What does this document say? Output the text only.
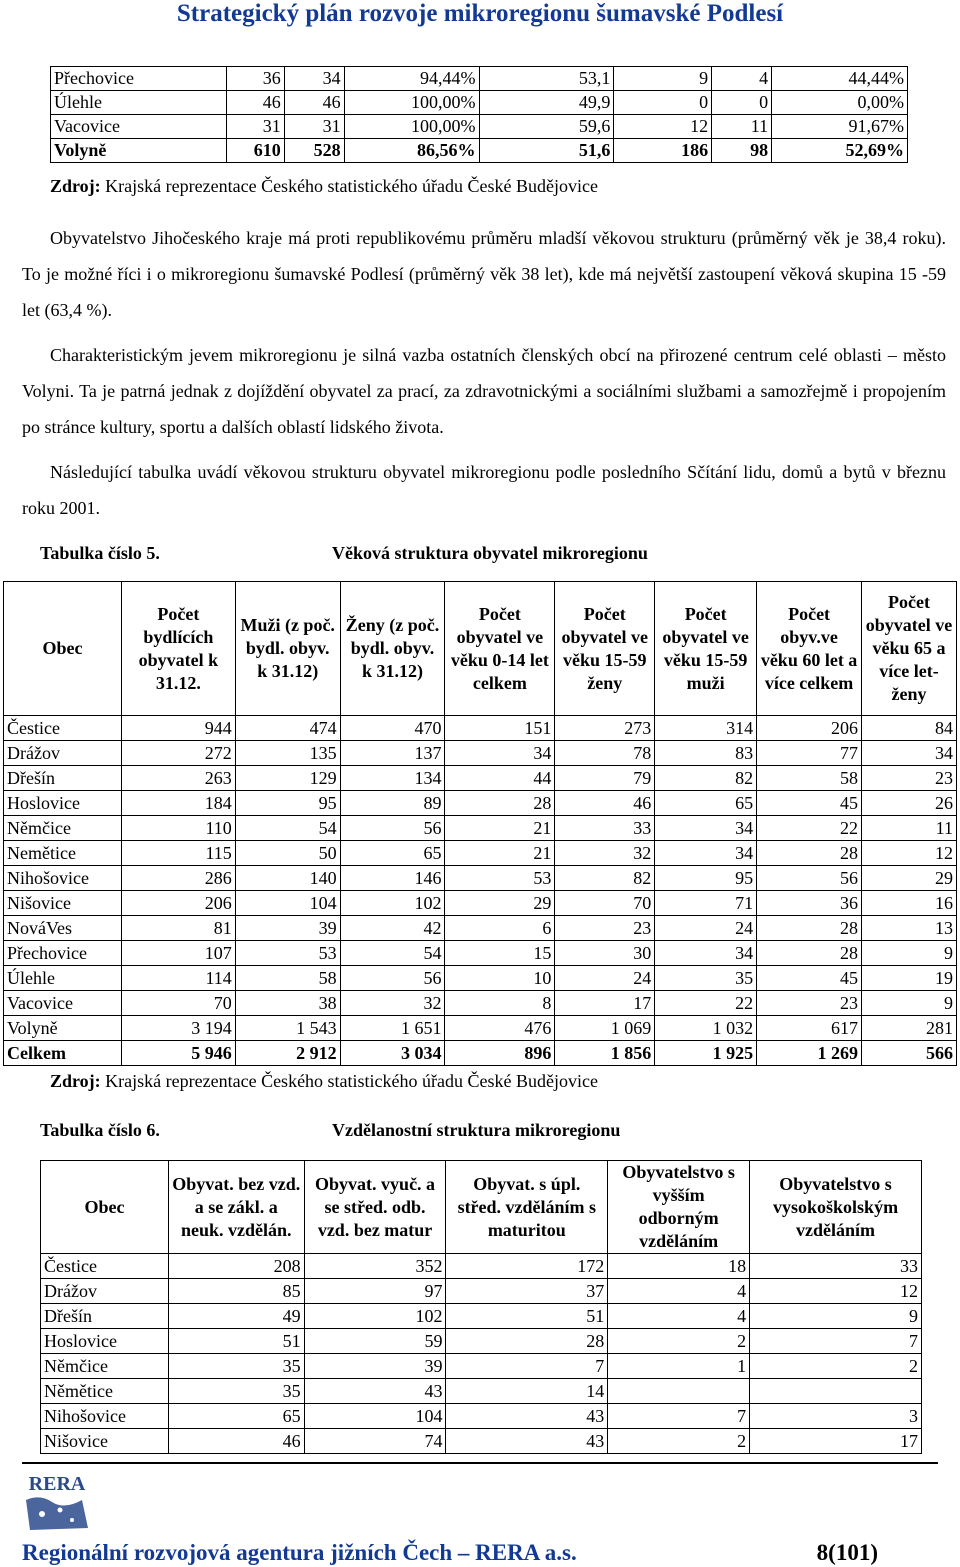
Strategický plán rozvoje mikroregionu šumavské Podlesí
Přechovice	36	34	94,44%	53,1	9	4	44,44%
Úlehle	46	46	100,00%	49,9	0	0	0,00%
Vacovice	31	31	100,00%	59,6	12	11	91,67%
Volyně	610	528	86,56%	51,6	186	98	52,69%
Zdroj: Krajská reprezentace Českého statistického úřadu České Budějovice

Obyvatelstvo Jihočeského kraje má proti republikovému průměru mladší věkovou strukturu (průměrný věk je 38,4 roku). To je možné říci i o mikroregionu šumavské Podlesí (průměrný věk 38 let), kde má největší zastoupení věková skupina 15 -59 let (63,4 %).

Charakteristickým jevem mikroregionu je silná vazba ostatních členských obcí na přirozené centrum celé oblasti – město Volyni. Ta je patrná jednak z dojíždění obyvatel za prací, za zdravotnickými a sociálními službami a samozřejmě i propojením po stránce kultury, sportu a dalších oblastí lidského života.

Následující tabulka uvádí věkovou strukturu obyvatel mikroregionu podle posledního Sčítání lidu, domů a bytů v březnu roku 2001.

Tabulka číslo 5.	Věková struktura obyvatel mikroregionu
Obec	Počet bydlících obyvatel k 31.12.	Muži (z poč. bydl. obyv. k 31.12)	Ženy (z poč. bydl. obyv. k 31.12)	Počet obyvatel ve věku 0-14 let celkem	Počet obyvatel ve věku 15-59 ženy	Počet obyvatel ve věku 15-59 muži	Počet obyv.ve věku 60 let a více celkem	Počet obyvatel ve věku 65 a více let- ženy
Čestice	944	474	470	151	273	314	206	84
Drážov	272	135	137	34	78	83	77	34
Dřešín	263	129	134	44	79	82	58	23
Hoslovice	184	95	89	28	46	65	45	26
Němčice	110	54	56	21	33	34	22	11
Nemětice	115	50	65	21	32	34	28	12
Nihošovice	286	140	146	53	82	95	56	29
Nišovice	206	104	102	29	70	71	36	16
NováVes	81	39	42	6	23	24	28	13
Přechovice	107	53	54	15	30	34	28	9
Úlehle	114	58	56	10	24	35	45	19
Vacovice	70	38	32	8	17	22	23	9
Volyně	3 194	1 543	1 651	476	1 069	1 032	617	281
Celkem	5 946	2 912	3 034	896	1 856	1 925	1 269	566
Zdroj: Krajská reprezentace Českého statistického úřadu České Budějovice
Tabulka číslo 6.	Vzdělanostní struktura mikroregionu
Obec	Obyvat. bez vzd. a se zákl. a neuk. vzdělán.	Obyvat. vyuč. a se střed. odb. vzd. bez matur	Obyvat. s úpl. střed. vzděláním s maturitou	Obyvatelstvo s vyšším odborným vzděláním	Obyvatelstvo s vysokoškolským vzděláním
Čestice	208	352	172	18	33
Drážov	85	97	37	4	12
Dřešín	49	102	51	4	9
Hoslovice	51	59	28	2	7
Němčice	35	39	7	1	2
Němětice	35	43	14		
Nihošovice	65	104	43	7	3
Nišovice	46	74	43	2	17
RERA
Regionální rozvojová agentura jižních Čech – RERA a.s.	8(101)
